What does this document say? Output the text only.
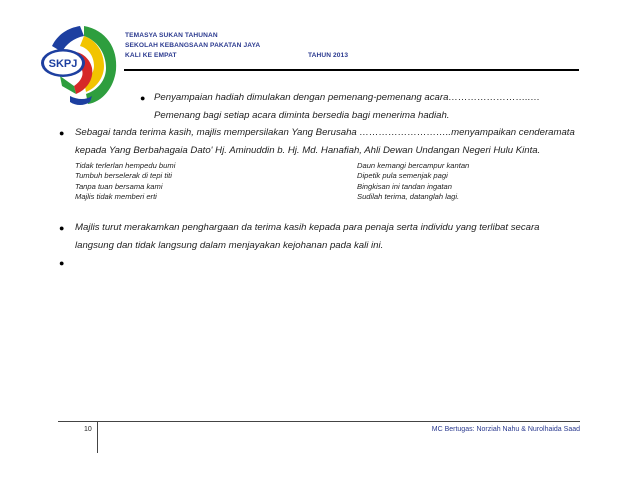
SKPJ
TEMASYA SUKAN TAHUNAN
SEKOLAH KEBANGSAAN PAKATAN JAYA
KALI KE EMPAT	TAHUN 2013
● Penyampaian hadiah dimulakan dengan pemenang-pemenang acara……………………..…
Pemenang bagi setiap acara diminta bersedia bagi menerima hadiah.
● Sebagai tanda terima kasih, majlis mempersilakan Yang Berusaha ………………………..menyampaikan cenderamata
kepada Yang Berbahagaia Dato' Hj. Aminuddin b. Hj. Md. Hanafiah, Ahli Dewan Undangan Negeri Hulu Kinta.
Tidak terlerlan hempedu bumi
Tumbuh berselerak di tepi titi
Tanpa tuan bersama kami
Majlis tidak memberi erti
Daun kemangi bercampur kantan
Dipetik pula semenjak pagi
Bingkisan ini tandan ingatan
Sudilah terima, datanglah lagi.
● Majlis turut merakamkan penghargaan da terima kasih kepada para penaja serta individu yang terlibat secara
langsung dan tidak langsung dalam menjayakan kejohanan pada kali ini.
●
10	MC Bertugas: Norziah Nahu & Nurolhaida Saad
